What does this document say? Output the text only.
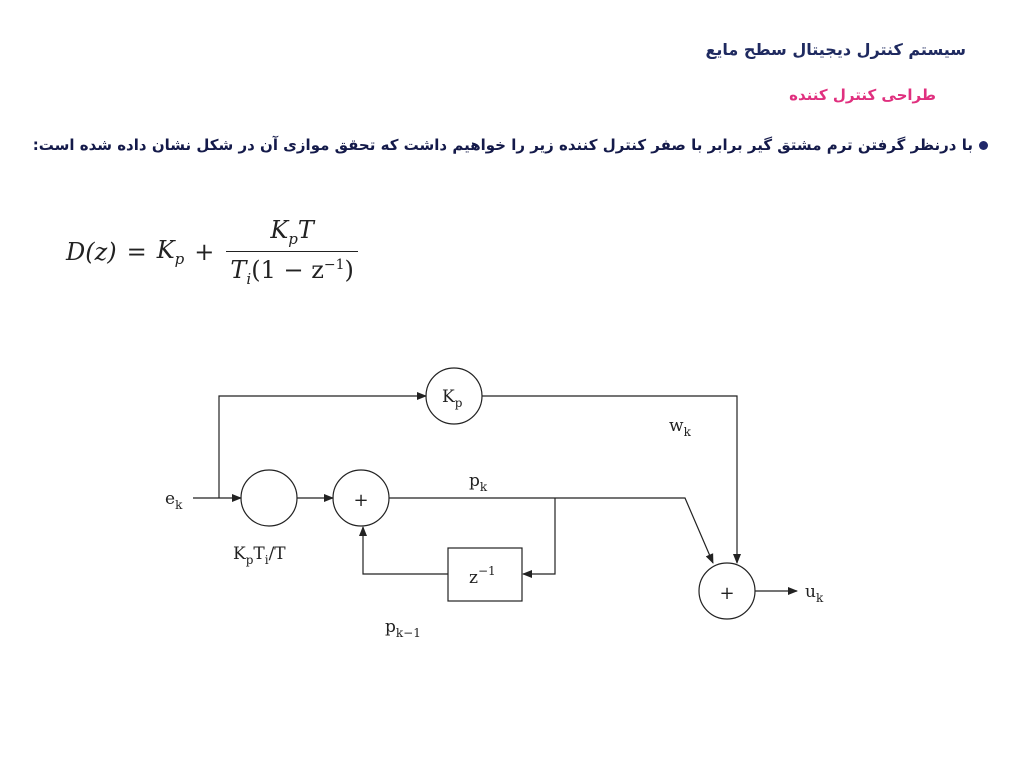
سیستم کنترل دیجیتال سطح مایع
طراحی کنترل کننده
با درنظر گرفتن ترم مشتق گیر برابر با صفر کنترل کننده زیر را خواهیم داشت که تحقق موازی آن در شکل نشان داده شده است:
$D(z) = K_p + \frac{K_pT}{T_i(1 - z^{-1})}$
$e_k$
$K_p$
$K_pT_i/T$
+
+
$p_k$
$w_k$
$z^{-1}$
$p_{k-1}$
$u_k$
